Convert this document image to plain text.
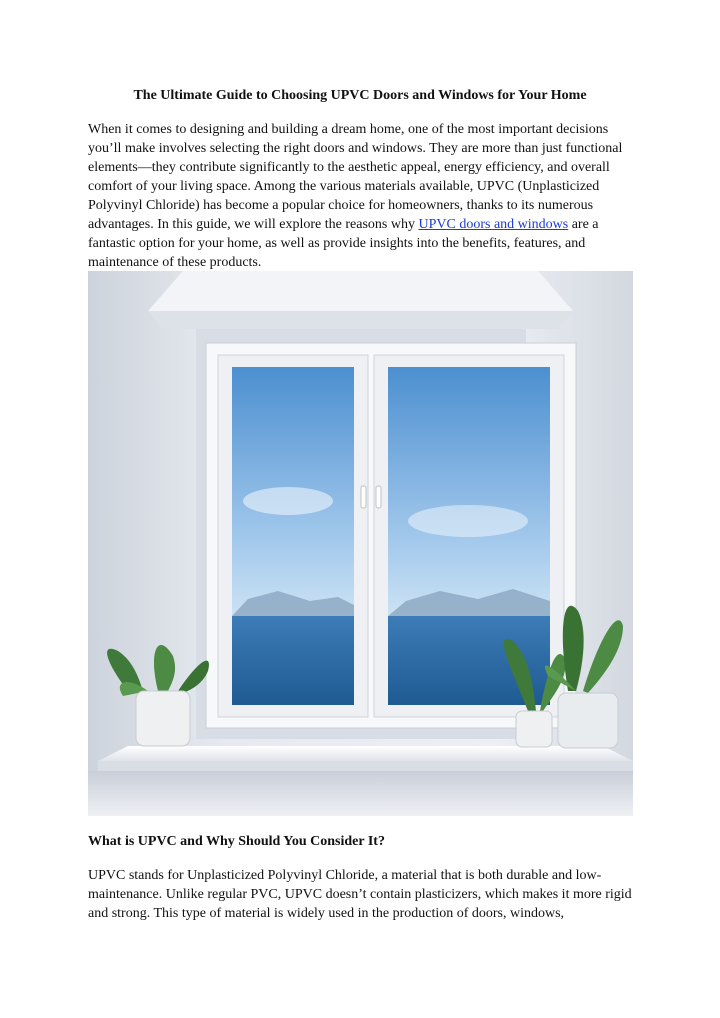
The Ultimate Guide to Choosing UPVC Doors and Windows for Your Home
When it comes to designing and building a dream home, one of the most important decisions you’ll make involves selecting the right doors and windows. They are more than just functional elements—they contribute significantly to the aesthetic appeal, energy efficiency, and overall comfort of your living space. Among the various materials available, UPVC (Unplasticized Polyvinyl Chloride) has become a popular choice for homeowners, thanks to its numerous advantages. In this guide, we will explore the reasons why UPVC doors and windows are a fantastic option for your home, as well as provide insights into the benefits, features, and maintenance of these products.
What is UPVC and Why Should You Consider It?
UPVC stands for Unplasticized Polyvinyl Chloride, a material that is both durable and low-maintenance. Unlike regular PVC, UPVC doesn’t contain plasticizers, which makes it more rigid and strong. This type of material is widely used in the production of doors, windows,
